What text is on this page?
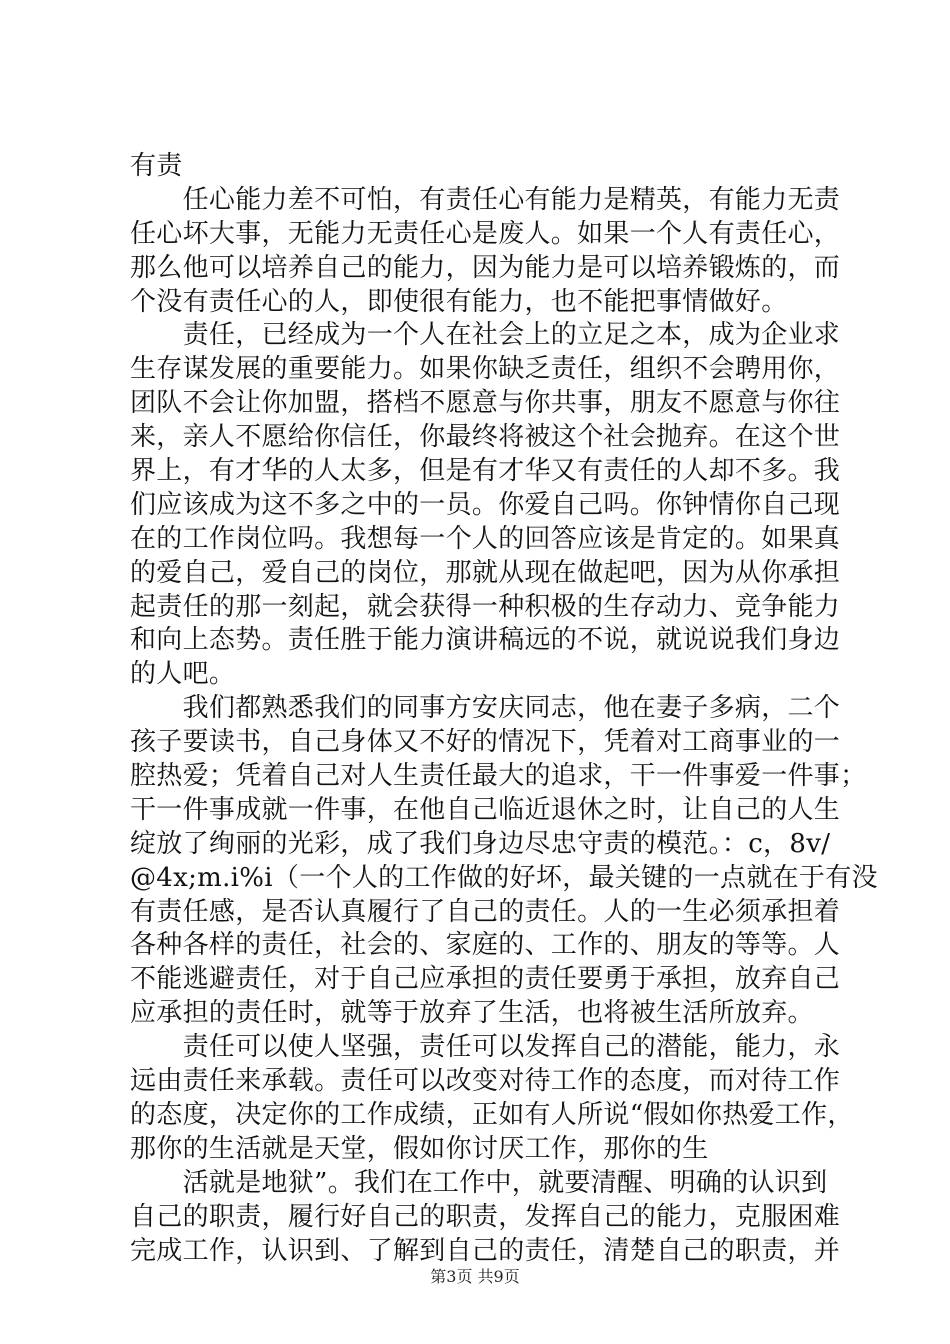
有责
　　任心能力差不可怕，有责任心有能力是精英，有能力无责
任心坏大事，无能力无责任心是废人。如果一个人有责任心，
那么他可以培养自己的能力，因为能力是可以培养锻炼的，而
个没有责任心的人，即使很有能力，也不能把事情做好。
　　责任，已经成为一个人在社会上的立足之本，成为企业求
生存谋发展的重要能力。如果你缺乏责任，组织不会聘用你，
团队不会让你加盟，搭档不愿意与你共事，朋友不愿意与你往
来，亲人不愿给你信任，你最终将被这个社会抛弃。在这个世
界上，有才华的人太多，但是有才华又有责任的人却不多。我
们应该成为这不多之中的一员。你爱自己吗。你钟情你自己现
在的工作岗位吗。我想每一个人的回答应该是肯定的。如果真
的爱自己，爱自己的岗位，那就从现在做起吧，因为从你承担
起责任的那一刻起，就会获得一种积极的生存动力、竞争能力
和向上态势。责任胜于能力演讲稿远的不说，就说说我们身边
的人吧。
　　我们都熟悉我们的同事方安庆同志，他在妻子多病，二个
孩子要读书，自己身体又不好的情况下，凭着对工商事业的一
腔热爱；凭着自己对人生责任最大的追求，干一件事爱一件事；
干一件事成就一件事，在他自己临近退休之时，让自己的人生
绽放了绚丽的光彩，成了我们身边尽忠守责的模范。：c，8v/
@4x;m.i%i（一个人的工作做的好坏，最关键的一点就在于有没
有责任感，是否认真履行了自己的责任。人的一生必须承担着
各种各样的责任，社会的、家庭的、工作的、朋友的等等。人
不能逃避责任，对于自己应承担的责任要勇于承担，放弃自己
应承担的责任时，就等于放弃了生活，也将被生活所放弃。
　　责任可以使人坚强，责任可以发挥自己的潜能，能力，永
远由责任来承载。责任可以改变对待工作的态度，而对待工作
的态度，决定你的工作成绩，正如有人所说“假如你热爱工作，
那你的生活就是天堂，假如你讨厌工作，那你的生
　　活就是地狱”。我们在工作中，就要清醒、明确的认识到
自己的职责，履行好自己的职责，发挥自己的能力，克服困难
完成工作，认识到、了解到自己的责任，清楚自己的职责，并
第3页 共9页
